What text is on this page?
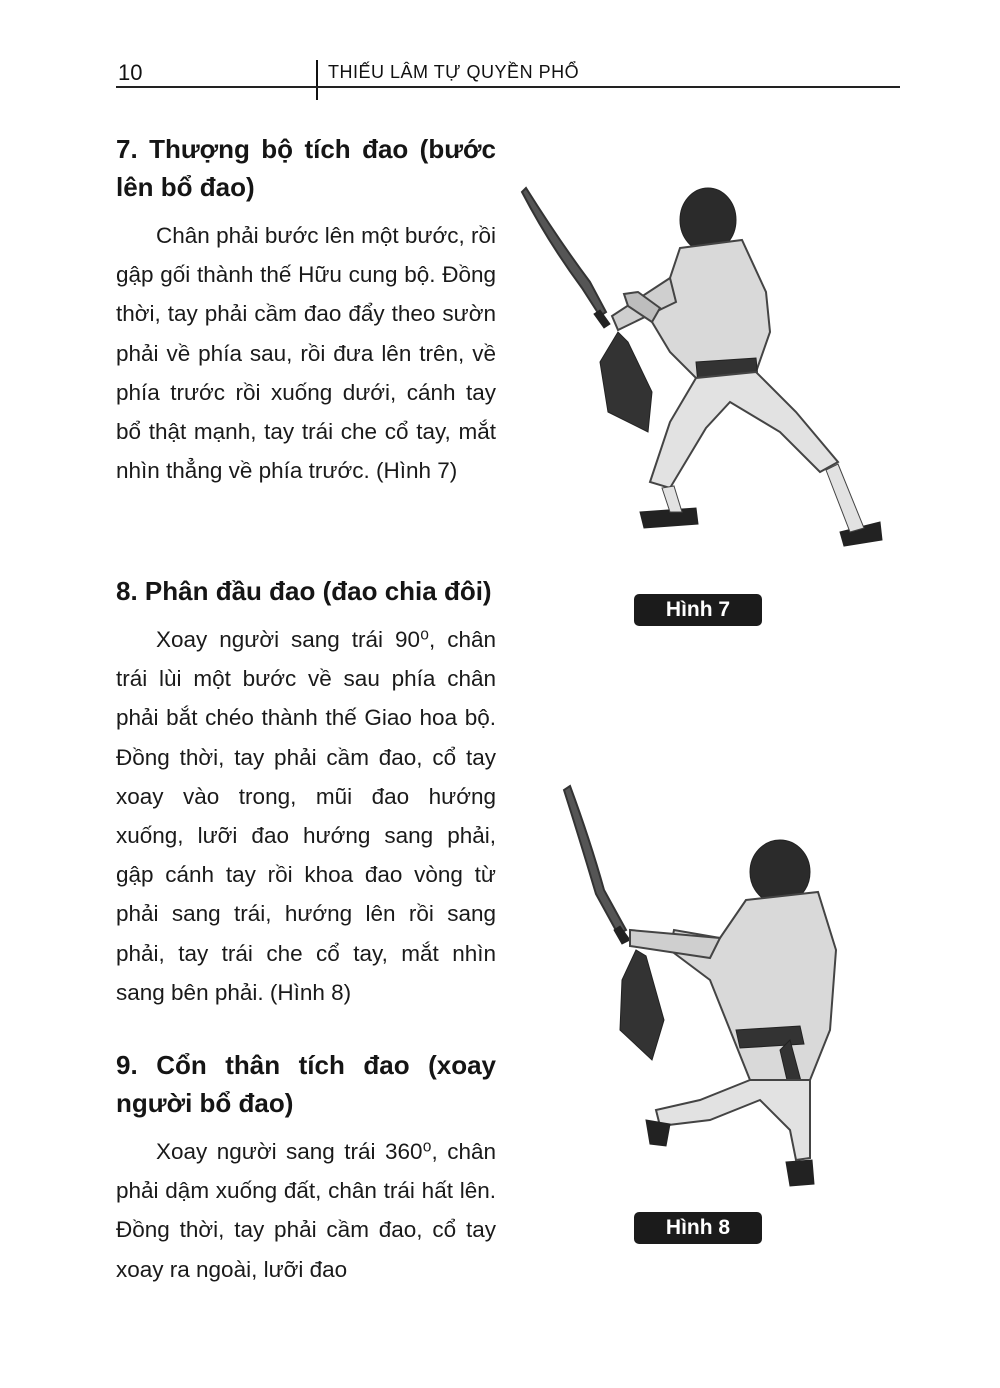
10	THIẾU LÂM TỰ QUYỀN PHỔ
7. Thượng bộ tích đao (bước lên bổ đao)

Chân phải bước lên một bước, rồi gập gối thành thế Hữu cung bộ. Đồng thời, tay phải cầm đao đẩy theo sườn phải về phía sau, rồi đưa lên trên, về phía trước rồi xuống dưới, cánh tay bổ thật mạnh, tay trái che cổ tay, mắt nhìn thẳng về phía trước. (Hình 7)

8. Phân đầu đao (đao chia đôi)

Xoay người sang trái 90⁰, chân trái lùi một bước về sau phía chân phải bắt chéo thành thế Giao hoa bộ. Đồng thời, tay phải cầm đao, cổ tay xoay vào trong, mũi đao hướng xuống, lưỡi đao hướng sang phải, gập cánh tay rồi khoa đao vòng từ phải sang trái, hướng lên rồi sang phải, tay trái che cổ tay, mắt nhìn sang bên phải. (Hình 8)

9. Cổn thân tích đao (xoay người bổ đao)

Xoay người sang trái 360⁰, chân phải dậm xuống đất, chân trái hất lên. Đồng thời, tay phải cầm đao, cổ tay xoay ra ngoài, lưỡi đao

Hình 7
Hình 8
